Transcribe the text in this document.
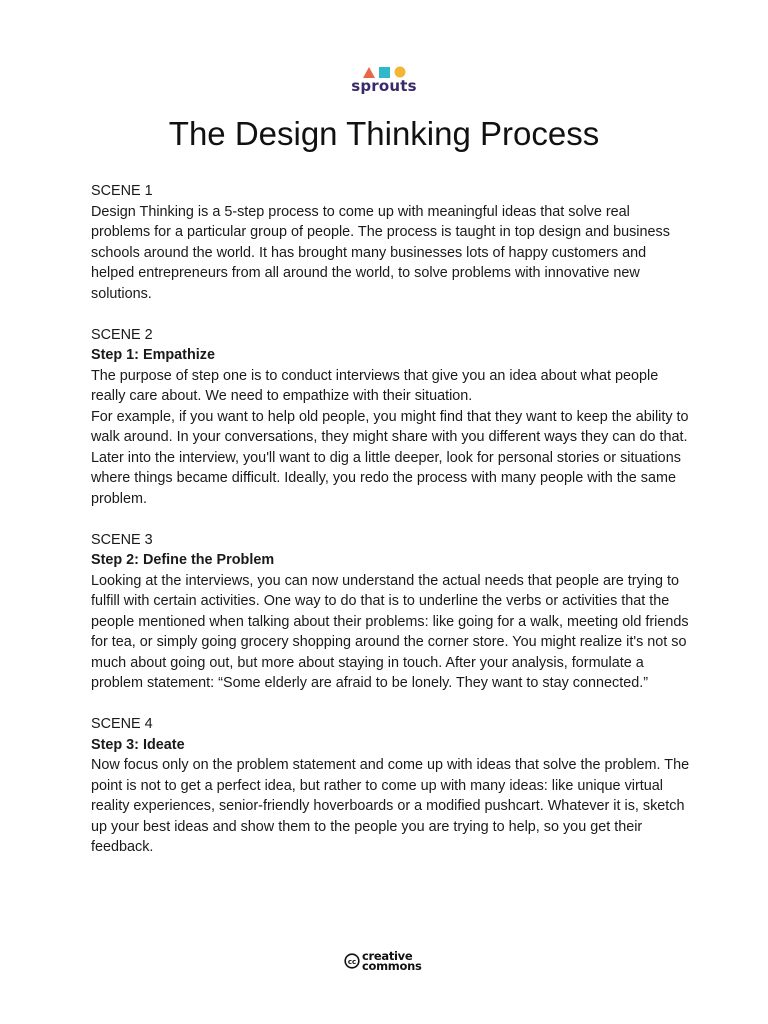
sprouts
The Design Thinking Process
SCENE 1

Design Thinking is a 5-step process to come up with meaningful ideas that solve real problems for a particular group of people. The process is taught in top design and business schools around the world. It has brought many businesses lots of happy customers and helped entrepreneurs from all around the world, to solve problems with innovative new solutions.

SCENE 2
Step 1: Empathize

The purpose of step one is to conduct interviews that give you an idea about what people really care about. We need to empathize with their situation.

For example, if you want to help old people, you might find that they want to keep the ability to walk around. In your conversations, they might share with you different ways they can do that. Later into the interview, you'll want to dig a little deeper, look for personal stories or situations where things became difficult. Ideally, you redo the process with many people with the same problem.

SCENE 3
Step 2: Define the Problem

Looking at the interviews, you can now understand the actual needs that people are trying to fulfill with certain activities. One way to do that is to underline the verbs or activities that the people mentioned when talking about their problems: like going for a walk, meeting old friends for tea, or simply going grocery shopping around the corner store. You might realize it's not so much about going out, but more about staying in touch. After your analysis, formulate a problem statement: “Some elderly are afraid to be lonely. They want to stay connected.”

SCENE 4
Step 3: Ideate

Now focus only on the problem statement and come up with ideas that solve the problem. The point is not to get a perfect idea, but rather to come up with many ideas: like unique virtual reality experiences, senior-friendly hoverboards or a modified pushcart. Whatever it is, sketch up your best ideas and show them to the people you are trying to help, so you get their feedback.

cc creative
commons
